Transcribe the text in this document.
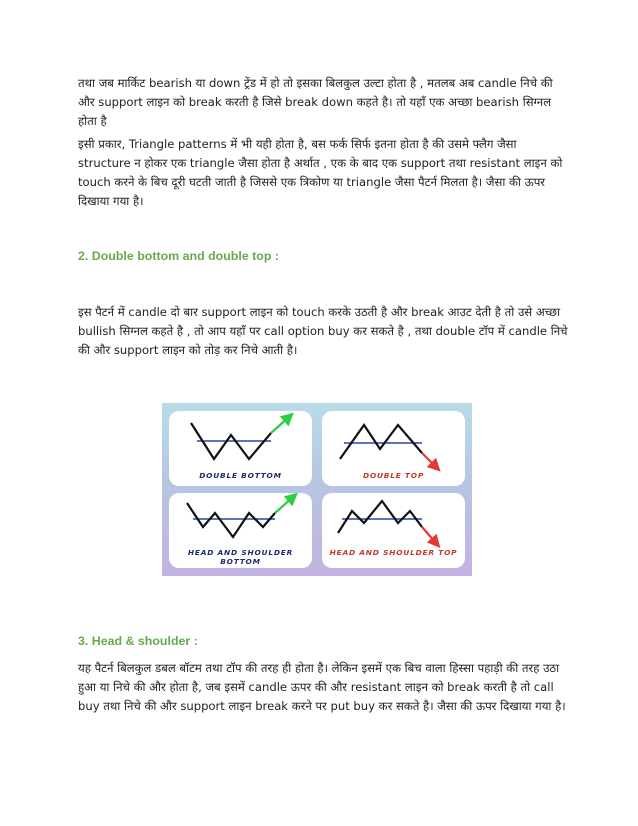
तथा जब मार्किट bearish या down ट्रेंड में हो तो इसका बिलकुल उल्टा होता है , मतलब अब candle निचे की और support लाइन को break करती है जिसे break down कहते है। तो यहाँ एक अच्छा bearish सिग्नल होता है

इसी प्रकार, Triangle patterns में भी यही होता है, बस फर्क सिर्फ इतना होता है की उसमे फ्लैग जैसा structure न होकर एक triangle जैसा होता है अर्थात , एक के बाद एक support तथा resistant लाइन को touch करने के बिच दूरी घटती जाती है जिससे एक त्रिकोण या triangle जैसा पैटर्न मिलता है। जैसा की ऊपर दिखाया गया है।

2. Double bottom and double top :

इस पैटर्न में candle दो बार support लाइन को touch करके उठती है और break आउट देती है तो उसे अच्छा bullish सिग्नल कहते है , तो आप यहाँ पर call option buy कर सकते है , तथा double टॉप में candle निचे की और support लाइन को तोड़ कर निचे आती है।

DOUBLE BOTTOM	DOUBLE TOP

HEAD AND SHOULDER BOTTOM

HEAD AND SHOULDER TOP

3. Head & shoulder :

यह पैटर्न बिलकुल डबल बॉटम तथा टॉप की तरह ही होता है। लेकिन इसमें एक बिच वाला हिस्सा पहाड़ी की तरह उठा हुआ या निचे की और होता है, जब इसमें candle ऊपर की और resistant लाइन को break करती है तो call buy तथा निचे की और support लाइन break करने पर put buy कर सकते है। जैसा की ऊपर दिखाया गया है।
